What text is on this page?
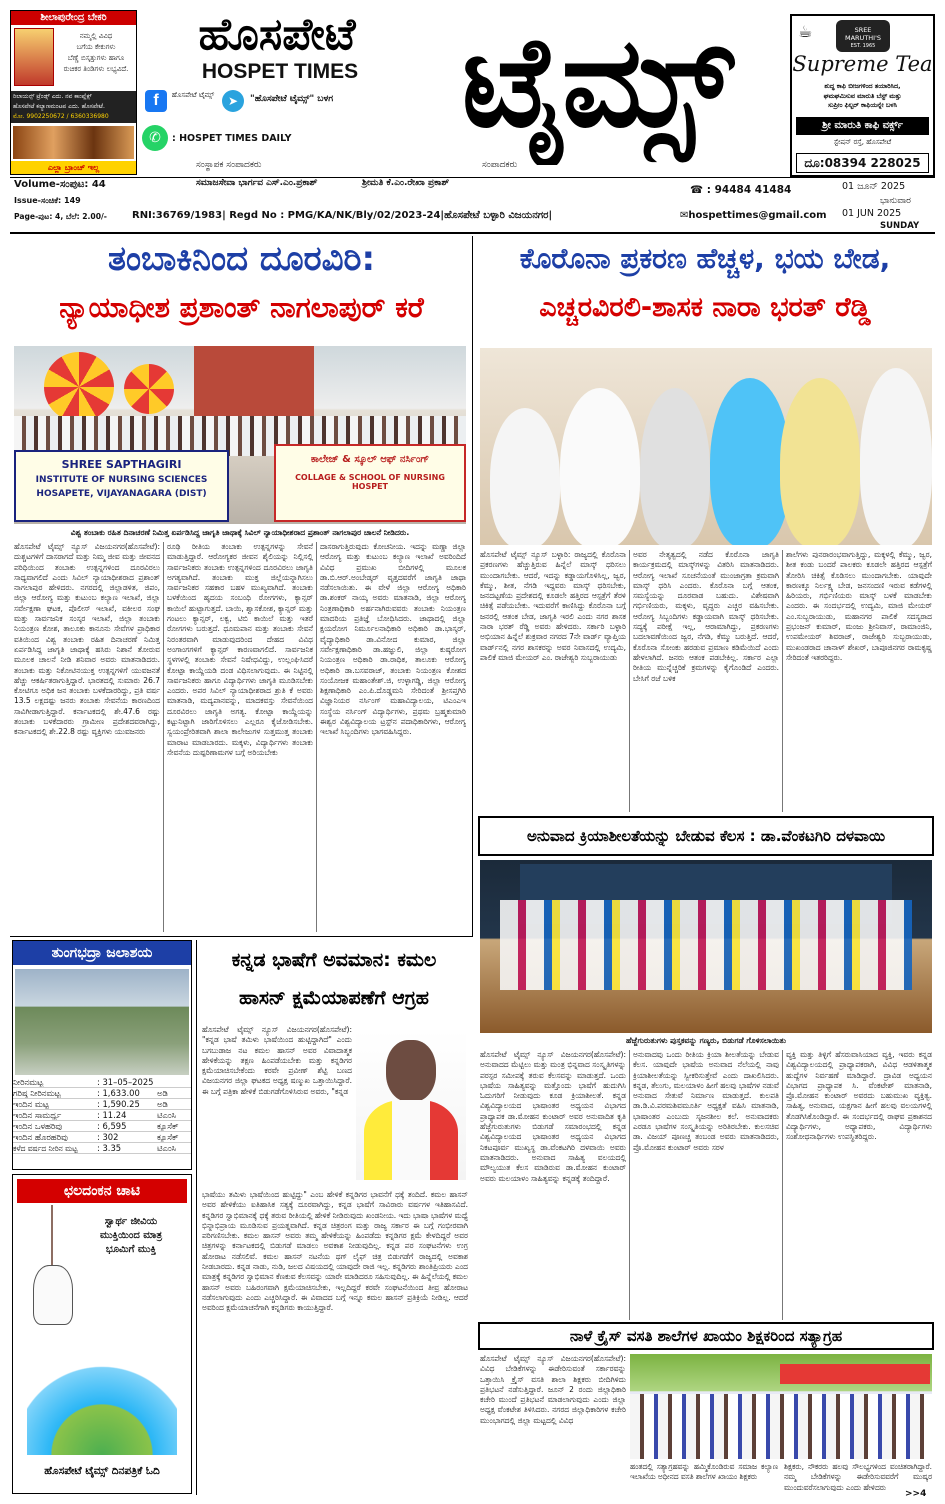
ಶೀಲಾಪುರೇಂದ್ರ ಬೇಕರಿ
ನಮ್ಮಲ್ಲಿ ವಿವಿಧ
ಬಗೆಯ ಕೇಕುಗಳು
ಬೆಣ್ಣೆ ಬಿಸ್ಕತ್ತುಗಳು ಹಾಗೂ
ರುಚಿಕರ ತಿಂಡಿಗಳು ಲಭ್ಯವಿದೆ.
ರಿಲಾಯನ್ಸ್ ಟ್ರೆಂಡ್ಸ್ ಎದು. ನವ ಕಾಂಪ್ಲೆಕ್ಸ್
ಹೊಸಪೇಟೆ ಕಲ್ಯಾಣಮಂಟಪ ಎದು. ಹೊಸಪೇಟೆ.
ಮೋ. 9902250672 / 6360336980
ಎಲ್ಲಾ ಬ್ರಾಂಚ್ ಇಲ್ಲ
ಹೊಸಪೇಟೆ
HOSPET TIMES
f	ಹೊಸಪೇಟೆ ಟೈಮ್ಸ್	➤	"ಹೊಸಪೇಟೆ ಟೈಮ್ಸ್" ಬಳಗ
✆	: HOSPET TIMES DAILY	ಟೈಮ್ಸ್
ಸಂಸ್ಥಾಪಕ ಸಂಪಾದಕರು	ಸಂಪಾದಕರು
ಸಮಾಜಸೇವಾ ಭಾರ್ಗವ ಎಸ್.ಎಂ.ಪ್ರಕಾಶ್	ಶ್ರೀಮತಿ ಕೆ.ಎಂ.ರೇಖಾ ಪ್ರಕಾಶ್
☎ : 94484 41484
SREE MARUTHI'S
EST. 1965
☕
Supreme Tea
ಶುದ್ಧ ಕಾಫಿ ಬೀಜಗಳಿಂದ ತಯಾರಿಸಿದ,
ಘಮಘಮಿಸುವ ಮಾರುತಿ ಬೆಸ್ಟ್ ಮತ್ತು
ಸುಪ್ರೀಂ ಫಿಲ್ಟರ್ ಕಾಫಿಯನ್ನೇ ಬಳಸಿ
ಶ್ರೀ ಮಾರುತಿ ಕಾಫಿ ವರ್ಕ್ಸ್
ಸ್ಟೇಷನ್ ರಸ್ತೆ, ಹೊಸಪೇಟೆ
ದೂ:08394 228025
Volume-ಸಂಪುಟ: 44
Issue-ಸಂಚಿಕೆ: 149
Page-ಪುಟ: 4, ಬೆಲೆ: 2.00/-	RNI:36769/1983| Regd No : PMG/KA/NK/Bly/02/2023-24|ಹೊಸಪೇಟೆ ಬಳ್ಳಾರಿ ವಿಜಯನಗರ|	✉hospettimes@gmail.com
01 ಜೂನ್ 2025
ಭಾನುವಾರ
01 JUN 2025
SUNDAY
ತಂಬಾಕಿನಿಂದ ದೂರವಿರಿ:
ನ್ಯಾಯಾಧೀಶ ಪ್ರಶಾಂತ್ ನಾಗಲಾಪುರ್ ಕರೆ
SHREE SAPTHAGIRI
INSTITUTE OF NURSING SCIENCES
HOSAPETE, VIJAYANAGARA (DIST)
ಕಾಲೇಜ್ & ಸ್ಕೂಲ್ ಆಫ್ ನರ್ಸಿಂಗ್
COLLAGE & SCHOOL OF NURSING HOSPET
ವಿಶ್ವ ತಂಬಾಕು ರಹಿತ ದಿನಾಚರಣೆ ನಿಮಿತ್ತ ಏರ್ಪಡಿಸಿದ್ದ ಜಾಗೃತಿ ಜಾಥಾಕ್ಕೆ ಸಿವಿಲ್ ನ್ಯಾಯಾಧೀಶರಾದ ಪ್ರಶಾಂತ್ ನಾಗಲಾಪುರ ಚಾಲನೆ ನೀಡಿದರು.
ಹೊಸಪೇಟೆ ಟೈಮ್ಸ್ ನ್ಯೂಸ್ ವಿಜಯನಗರ(ಹೊಸಪೇಟೆ): ದುಶ್ಚಟಗಳಿಗೆ ದಾಸರಾಗದೆ ಮತ್ತು ನಿಮ್ಮ ಜೀವ ಮತ್ತು ಜೀವನದ ಪರಿಧಿಯಿಂದ ತಂಬಾಕು ಉತ್ಪನ್ನಗಳಿಂದ ದೂರವಿರಲು ಸಾಧ್ಯವಾಗಲಿದೆ ಎಂದು ಸಿವಿಲ್ ನ್ಯಾಯಾಧೀಶರಾದ ಪ್ರಶಾಂತ್ ನಾಗಲಾಪುರ ಹೇಳಿದರು. ನಗರದಲ್ಲಿ ಜಿಲ್ಲಾಡಳಿತ, ಜಿಪಂ, ಜಿಲ್ಲಾ ಆರೋಗ್ಯ ಮತ್ತು ಕುಟುಂಬ ಕಲ್ಯಾಣ ಇಲಾಖೆ, ಜಿಲ್ಲಾ ಸರ್ವೇಕ್ಷಣಾ ಘಟಕ, ಪೊಲೀಸ್ ಇಲಾಖೆ, ವಕೀಲರ ಸಂಘ ಮತ್ತು ಸಾರ್ವಜನಿಕ ಸಂಸ್ಕರ ಇಲಾಖೆ, ಜಿಲ್ಲಾ ತಂಬಾಕು ನಿಯಂತ್ರಣ ಕೋಶ, ತಾಲೂಕು ಕಾನೂನು ಸೇವೆಗಳ ಪ್ರಾಧಿಕಾರ ವತಿಯಿಂದ ವಿಶ್ವ ತಂಬಾಕು ರಹಿತ ದಿನಾಚರಣೆ ನಿಮಿತ್ತ ಏರ್ಪಡಿಸಿದ್ದ ಜಾಗೃತಿ ಜಾಥಾಕ್ಕೆ ಹಸಿರು ನಿಶಾನೆ ತೋರುವ ಮೂಲಕ ಚಾಲನೆ ನೀಡಿ ಶನಿವಾರ ಅವರು ಮಾತನಾಡಿದರು. ತಂಬಾಕು ಮತ್ತು ನಿಕೋಟಿನಯುಕ್ತ ಉತ್ಪನ್ನಗಳಿಗೆ ಯುವಜನತೆ ಹೆಚ್ಚು ಆಕರ್ಷಿತರಾಗುತ್ತಿದ್ದಾರೆ. ಭಾರತದಲ್ಲಿ ಸುಮಾರು 26.7 ಕೋಟಿಗೂ ಅಧಿಕ ಜನ ತಂಬಾಕು ಬಳಕೆದಾರರಿದ್ದು, ಪ್ರತಿ ವರ್ಷ 13.5 ಲಕ್ಷದಷ್ಟು ಜನರು ತಂಬಾಕು ಸೇವನೆಯ ಕಾರಣದಿಂದ ಸಾವಿಗೀಡಾಗುತ್ತಿದ್ದಾರೆ. ಕರ್ನಾಟಕದಲ್ಲಿ ಶೇ.47.6 ರಷ್ಟು ತಂಬಾಕು ಬಳಕೆದಾರರು ಗ್ರಾಮೀಣ ಪ್ರದೇಶದವರಾಗಿದ್ದು, ಕರ್ನಾಟಕದಲ್ಲಿ ಶೇ.22.8 ರಷ್ಟು ವ್ಯಕ್ತಿಗಳು ಯುವಜನರು
ರೂಢಿ ರೀತಿಯ ತಂಬಾಕು ಉತ್ಪನ್ನಗಳನ್ನು ಸೇವನೆ ಮಾಡುತ್ತಿದ್ದಾರೆ. ಆರೋಗ್ಯಕರ ಜೀವನ ಶೈಲಿಯನ್ನು ನಿಲ್ಲಿಸಲ್ಲಿ ಸಾರ್ವಜನಿಕರು ತಂಬಾಕು ಉತ್ಪನ್ನಗಳಿಂದ ದೂರವಿರಲು ಜಾಗೃತಿ ಅಗತ್ಯವಾಗಿದೆ. ತಂಬಾಕು ಮುಕ್ತ ಜಿಲ್ಲೆಯನ್ನಾಗಿಸಲು ಸಾರ್ವಜನಿಕರ ಸಹಕಾರ ಬಹಳ ಮುಖ್ಯವಾಗಿದೆ. ತಂಬಾಕು ಬಳಕೆಯಿಂದ ಹೃದಯ ಸಂಬಂಧಿ ರೋಗಗಳು, ಕ್ಯಾನ್ಸರ್ ಕಾಯಿಲೆ ಹುಟ್ಟಾಗುತ್ತದೆ. ಬಾಯಿ, ಶ್ವಾಸಕೋಶ, ಕ್ಯಾನ್ಸರ್ ಮತ್ತು ಗಂಟಲು ಕ್ಯಾನ್ಸರ್, ಲಕ್ವ, ಟಿಬಿ ಕಾಯಿಲೆ ಮತ್ತು ಇತರೆ ರೋಗಗಳು ಬರುತ್ತದೆ. ಧೂಮಪಾನ ಮತ್ತು ತಂಬಾಕು ಸೇವನೆ ನಿರಂತರವಾಗಿ ಮಾಡುವುದರಿಂದ ದೇಹದ ವಿವಿಧ ಅಂಗಾಂಗಗಳಿಗೆ ಕ್ಯಾನ್ಸರ್ ಕಾರಣವಾಗಲಿದೆ. ಸಾರ್ವಜನಿಕ ಸ್ಥಳಗಳಲ್ಲಿ ತಂಬಾಕು ಸೇವನೆ ನಿಷೇಧವಿದ್ದು, ಉಲ್ಲಂಘಿಸಿದರೆ ಕೋಟ್ಪಾ ಕಾಯ್ದೆಯಡಿ ದಂಡ ವಿಧಿಸಲಾಗುವುದು. ಈ ನಿಟ್ಟಿನಲ್ಲಿ ಸಾರ್ವಜನಿಕರು ಹಾಗೂ ವಿದ್ಯಾರ್ಥಿಗಳು ಜಾಗೃತಿ ಮೂಡಿಸಬೇಕು ಎಂದರು. ಅಪರ ಸಿವಿಲ್ ನ್ಯಾಯಾಧೀಶರಾದ ಶ್ರುತಿ ಕೆ ಅವರು ಮಾತನಾಡಿ, ಮದ್ಯಪಾನವನ್ನು, ಮಾದಕವಸ್ತು ಸೇವನೆಯಿಂದ ದೂರವಿರಲು ಜಾಗೃತಿ ಅಗತ್ಯ. ಕೋಟ್ಪಾ ಕಾಯ್ದೆಯನ್ನು ಕಟ್ಟುನಿಟ್ಟಾಗಿ ಜಾರಿಗೊಳಿಸಲು ಎಲ್ಲರೂ ಕೈಜೋಡಿಸಬೇಕು. ಸ್ವಯಂಪ್ರೇರಿತವಾಗಿ ಶಾಲಾ ಕಾಲೇಜುಗಳ ಸುತ್ತಮುತ್ತ ತಂಬಾಕು ಮಾರಾಟ ಮಾಡಬಾರದು. ಮಕ್ಕಳು, ವಿದ್ಯಾರ್ಥಿಗಳು ತಂಬಾಕು ಸೇವನೆಯ ದುಷ್ಪರಿಣಾಮಗಳ ಬಗ್ಗೆ ಅರಿಯಬೇಕು
ದಾಸರಾಗುತ್ತಿರುವುದು ಕೋಚನೀಯ. ಇದನ್ನು ಮಣ್ಣಾ ಜಿಲ್ಲಾ ಆರೋಗ್ಯ ಮತ್ತು ಕುಟುಂಬ ಕಲ್ಯಾಣ ಇಲಾಖೆ ಅವರಿಂದಿದೆ ವಿವಿಧ ಪ್ರಮುಖ ಬೀದಿಗಳಲ್ಲಿ ಮೂಲಕ ಡಾ.ಬಿ.ಆರ್.ಅಂಬೇಡ್ಕರ್ ವೃತ್ತದವರೆಗೆ ಜಾಗೃತಿ ಜಾಥಾ ನಡೆಸಲಾಯಿತು. ಈ ವೇಳೆ ಜಿಲ್ಲಾ ಆರೋಗ್ಯ ಅಧಿಕಾರಿ ಡಾ.ಶಂಕರ್ ನಾಯ್ಕ ಅವರು ಮಾತನಾಡಿ, ಜಿಲ್ಲಾ ಆರೋಗ್ಯ ನಿಂತ್ರಣಾಧಿಕಾರಿ ಅರ್ಹನಾಗಿರುವವರು ತಂಬಾಕು ನಿಯಂತ್ರಣ ಮಾದರಿಯ ಪ್ರತಿಜ್ಞೆ ಬೋಧಿಸಿದರು. ಜಾಥಾದಲ್ಲಿ ಜಿಲ್ಲಾ ಕ್ಷಯರೋಗ ನಿರ್ಮೂಲನಾಧಿಕಾರಿ ಅಧಿಕಾರಿ ಡಾ.ಭಾಸ್ಕರ್, ವೈದ್ಯಾಧಿಕಾರಿ ಡಾ.ವಿನೋದ ಕುಮಾರ, ಜಿಲ್ಲಾ ಸರ್ವೇಕ್ಷಣಾಧಿಕಾರಿ ಡಾ.ಹಜ್ಞುಲಿ, ಜಿಲ್ಲಾ ಕುಷ್ಠರೋಗ ನಿಯಂತ್ರಣ ಅಧಿಕಾರಿ ಡಾ.ರಾಧಿಕ, ತಾಲೂಕು ಆರೋಗ್ಯ ಅಧಿಕಾರಿ ಡಾ.ಬಸವರಾಜ್, ತಂಬಾಕು ನಿಯಂತ್ರಣ ಕೋಶದ ಸಂಯೋಜಕ ಮಹಾಂತೇಶ್.ಜಿ, ಉಳ್ಳಾಗಡ್ಡಿ, ಜಿಲ್ಲಾ ಆರೋಗ್ಯ ಶಿಕ್ಷಣಾಧಿಕಾರಿ ಎಂ.ಪಿ.ದೊಡ್ಡಮನಿ ಸೇರಿದಂತೆ ಶ್ರೀಸಪ್ತಗಿರಿ ವಿಜ್ಞಾನಿಯರ ನರ್ಸಿಂಗ್ ಮಹಾವಿದ್ಯಾಲಯ, ಟಿಎಂಎಇ ಸಂಸ್ಥೆಯ ನರ್ಸಿಂಗ್ ವಿದ್ಯಾರ್ಥಿಗಳು, ಪ್ರಥಮ ಬ್ರಹ್ಮಕುಮಾರಿ ಈಶ್ವರ ವಿಶ್ವವಿದ್ಯಾಲಯ ಟ್ರಸ್ಟ್‌ನ ಪದಾಧಿಕಾರಿಗಳು, ಆರೋಗ್ಯ ಇಲಾಖೆ ಸಿಬ್ಬಂದಿಗಳು ಭಾಗವಹಿಸಿದ್ದರು.
ಕೊರೊನಾ ಪ್ರಕರಣ ಹೆಚ್ಚಳ, ಭಯ ಬೇಡ,
ಎಚ್ಚರವಿರಲಿ-ಶಾಸಕ ನಾರಾ ಭರತ್ ರೆಡ್ಡಿ
ಹೊಸಪೇಟೆ ಟೈಮ್ಸ್ ನ್ಯೂಸ್ ಬಳ್ಳಾರಿ: ರಾಜ್ಯದಲ್ಲಿ ಕೊರೊನಾ ಪ್ರಕರಣಗಳು ಹೆಚ್ಚುತ್ತಿರುವ ಹಿನ್ನೆಲೆ ಮಾಸ್ಕ್ ಧರಿಸಲು ಮುಂದಾಗಬೇಕು. ಆದರೆ, ಇದನ್ನು ಕಡ್ಡಾಯಗೊಳಿಸಿಲ್ಲ, ಜ್ವರ, ಕೆಮ್ಮು, ಶೀತ, ನೆಗಡಿ ಇದ್ದವರು ಮಾಸ್ಕ್ ಧರಿಸಬೇಕು, ಜನದಟ್ಟಣೆಯ ಪ್ರದೇಶದಲ್ಲಿ ಕೂಡಲೇ ಹತ್ತಿರದ ಆಸ್ಪತ್ರೆಗೆ ತೆರಳಿ ಚಿಕಿತ್ಸೆ ಪಡೆಯಬೇಕು. ಇದುವರೆಗೆ ಕಾಣಿಸಿದ್ದು ಕೊರೊನಾ ಬಗ್ಗೆ ಜನರಲ್ಲಿ ಆತಂಕ ಬೇಡ, ಜಾಗೃತಿ ಇರಲಿ ಎಂದು ನಗರ ಶಾಸಕ ನಾರಾ ಭರತ್ ರೆಡ್ಡಿ ಅವರು ಹೇಳಿದರು. ಸರ್ಕಾರಿ ಬಳ್ಳಾರಿ ಅಭಿಯಾನ ಹಿನ್ನೆಲೆ ಶುಕ್ರವಾರ ನಗರದ 7ನೇ ವಾರ್ಡ್ ವ್ಯಾಪ್ತಿಯ ವಾರ್ಡ್‌ನಲ್ಲಿ ನಗರ ಶಾಸಕರನ್ನು ಅವರ ನಿವಾಸದಲ್ಲಿ ಉದ್ಯಮಿ, ಪಾಲಿಕೆ ಮಾಜಿ ಮೇಯರ್ ಎಂ. ರಾಜೇಶ್ವರಿ ಸುಬ್ಬರಾಯುಡು
ಅವರ ನೇತೃತ್ವದಲ್ಲಿ ನಡೆದ ಕೊರೊನಾ ಜಾಗೃತಿ ಕಾರ್ಯಕ್ರಮದಲ್ಲಿ ಮಾಸ್ಕ್‌ಗಳನ್ನು ವಿತರಿಸಿ ಮಾತನಾಡಿದರು. ಆರೋಗ್ಯ ಇಲಾಖೆ ಸೂಚನೆಯಂತೆ ಮುಂಜಾಗ್ರತಾ ಕ್ರಮವಾಗಿ ಮಾಸ್ಕ್ ಧರಿಸಿ ಎಂದರು. ಕೊರೊನಾ ಬಗ್ಗೆ ಆತಂಕ, ಸಮಸ್ಯೆಯನ್ನು ದೂರವಾಡ ಬಹುದು. ವಿಶೇಷವಾಗಿ ಗರ್ಭಿಣಿಯರು, ಮಕ್ಕಳು, ವೃದ್ಧರು ಎಚ್ಚರ ವಹಿಸಬೇಕು. ಆರೋಗ್ಯ ಸಿಬ್ಬಂದಿಗಳು ಕಡ್ಡಾಯವಾಗಿ ಮಾಸ್ಕ್ ಧರಿಸಬೇಕು. ಸದ್ಯಕ್ಕೆ ಪರೀಕ್ಷೆ ಇಲ್ಲ, ಆರಾಮಾಗಿದ್ದು, ಪ್ರಕರಣಗಳು ಬದಲಾವಣೆಯಿಂದ ಜ್ವರ, ನೆಗಡಿ, ಕೆಮ್ಮು ಬರುತ್ತಿದೆ. ಆದರೆ, ಕೊರೊನಾ ಸೋಂಕು ಹರಡುವ ಪ್ರಮಾಣ ಕಡಿಮೆಯಿದೆ ಎಂದು ಹೇಳಲಾಗಿದೆ. ಜನರು ಆತಂಕ ಪಡಬೇಕಿಲ್ಲ. ಸರ್ಕಾರ ಎಲ್ಲಾ ರೀತಿಯ ಮುನ್ನೆಚ್ಚರಿಕೆ ಕ್ರಮಗಳನ್ನು ಕೈಗೊಂಡಿದೆ ಎಂದರು. ಬೇಸಿಗೆ ರಜೆ ಬಳಿಕ
ಶಾಲೆಗಳು ಪುನರಾರಂಭವಾಗುತ್ತಿದ್ದು, ಮಕ್ಕಳಲ್ಲಿ ಕೆಮ್ಮು, ಜ್ವರ, ಶೀತ ಕಂಡು ಬಂದರೆ ಪಾಲಕರು ಕೂಡಲೇ ಹತ್ತಿರದ ಆಸ್ಪತ್ರೆಗೆ ತೋರಿಸಿ ಚಿಕಿತ್ಸೆ ಕೊಡಿಸಲು ಮುಂದಾಗಬೇಕು. ಯಾವುದೇ ಕಾರಣಕ್ಕೂ ನಿರ್ಲಕ್ಷ್ಯ ಬೇಡ, ಜನಸಂದಣಿ ಇರುವ ಕಡೆಗಳಲ್ಲಿ ಹಿರಿಯರು, ಗರ್ಭಿಣಿಯರು ಮಾಸ್ಕ್ ಬಳಕೆ ಮಾಡಬೇಕು ಎಂದರು. ಈ ಸಂದರ್ಭದಲ್ಲಿ ಉದ್ಯಮಿ, ಮಾಜಿ ಮೇಯರ್ ಎಂ.ಸುಬ್ಬರಾಯುಡು, ಮಹಾನಗರ ಪಾಲಿಕೆ ಸದಸ್ಯರಾದ ಪ್ರಭಂಜನ್ ಕುಮಾರ್, ಮಂಜು ಶ್ರೀನಿವಾಸ್, ರಾಮಾಂಜಿನಿ, ಉಪಮೇಯರ್ ಶಿವರಾಜ್, ರಾಜೇಶ್ವರಿ ಸುಬ್ಬರಾಯುಡು, ಮುಖಂಡರಾದ ಚಾನಾಳ್ ಶೇಖರ್, ಬಾಪೂಜಿನಗರ ರಾಮಕೃಷ್ಣ ಸೇರಿದಂತೆ ಇತರರಿದ್ದರು.
ಅನುವಾದ ಕ್ರಿಯಾಶೀಲತೆಯನ್ನು ಬೇಡುವ ಕೆಲಸ : ಡಾ.ವೆಂಕಟಗಿರಿ ದಳವಾಯಿ
ಹೆಜ್ಜೆಗುರುತುಗಳು ಪುಸ್ತಕವನ್ನು ಗಣ್ಯರು, ಬಿಡುಗಡೆ ಗೊಳಿಸಲಾಯಿತು
ಹೊಸಪೇಟೆ ಟೈಮ್ಸ್ ನ್ಯೂಸ್ ವಿಜಯನಗರ(ಹೊಸಪೇಟೆ): ಅನುವಾದದ ಮೆಟ್ಟಿಲು ಮತ್ತು ಮಂತ್ರ ಭಿನ್ನವಾದ ಸಂಸ್ಕೃತಿಗಳನ್ನು ಪರಸ್ಪರ ಸಮೀಪಕ್ಕೆ ತರುವ ಕೆಲಸವನ್ನು ಮಾಡುತ್ತದೆ. ಒಂದು ಭಾಷೆಯ ಸಾಹಿತ್ಯವನ್ನು ಮತ್ತೊಂದು ಭಾಷೆಗೆ ಹುದುಗಿಸಿ ಓದುಗರಿಗೆ ನೀಡುವುದು ಕೂಡ ಕ್ರಿಯಾಶೀಲತೆ. ಕನ್ನಡ ವಿಶ್ವವಿದ್ಯಾಲಯದ ಭಾಷಾಂತರ ಅಧ್ಯಯನ ವಿಭಾಗದ ಪ್ರಾಧ್ಯಾಪಕ ಡಾ.ಮೋಹನ ಕುಂಟಾರ್ ಅವರ ಅನುವಾದಿತ ಕೃತಿ ಹೆಜ್ಜೆಗುರುತುಗಳು ಬಿಡುಗಡೆ ಸಮಾರಂಭದಲ್ಲಿ ಕನ್ನಡ ವಿಶ್ವವಿದ್ಯಾಲಯದ ಭಾಷಾಂತರ ಅಧ್ಯಯನ ವಿಭಾಗದ ನಿಕಟಪೂರ್ವ ಮುಖ್ಯಸ್ಥ ಡಾ.ವೆಂಕಟಗಿರಿ ದಳವಾಯಿ ಅವರು ಮಾತನಾಡಿದರು. ಅನುವಾದ ಸಾಹಿತ್ಯ ವಲಯದಲ್ಲಿ ಮೌಲ್ಯಯುತ ಕೆಲಸ ಮಾಡಿರುವ ಡಾ.ಮೋಹನ ಕುಂಟಾರ್ ಅವರು ಮಲಯಾಳಂ ಸಾಹಿತ್ಯವನ್ನು ಕನ್ನಡಕ್ಕೆ ತಂದಿದ್ದಾರೆ.
ಅನುವಾದವು ಒಂದು ರೀತಿಯ ಕ್ರಿಯಾ ಶೀಲತೆಯನ್ನು ಬೇಡುವ ಕೆಲಸ. ಯಾವುದೇ ಭಾಷೆಯ ಅನುವಾದ ನೆಲೆಯಲ್ಲಿ ನಾವು ಕ್ರಿಯಾಶೀಲತೆಯನ್ನು ಸ್ವೀಕರಿಸುತ್ತೇವೆ ಎಂದು ದಾಖಲಿಸಿದರು. ಕನ್ನಡ, ತೆಲುಗು, ಮಲಯಾಳಂ ಹೀಗೆ ಹಲವು ಭಾಷೆಗಳ ನಡುವೆ ಅನುವಾದ ಸೇತುವೆ ನಿರ್ಮಾಣ ಮಾಡುತ್ತದೆ. ಕುಲಪತಿ ಡಾ.ಡಿ.ವಿ.ಪರಮಶಿವಮೂರ್ತಿ ಅಧ್ಯಕ್ಷತೆ ವಹಿಸಿ ಮಾತನಾಡಿ, ಭಾಷಾಂತರ ಎಂಬುದು ಸೃಜನಶೀಲ ಕಲೆ. ಅನುವಾದಕರು ಎರಡೂ ಭಾಷೆಗಳ ಸಂಸ್ಕೃತಿಯನ್ನು ಅರಿತಿರಬೇಕು. ಕುಲಸಚಿವ ಡಾ. ವಿಜಯ್ ಪೂಣಚ್ಚ ತಂಬಂಡ ಅವರು ಮಾತನಾಡಿದರು, ಪ್ರೊ.ಮೋಹನ ಕುಂಟಾರ್ ಅವರು ಸರಳ
ವ್ಯಕ್ತಿ ಮತ್ತು ತಿಳ್ಳಿಗೆ ಹೆಸರುವಾಸಿಯಾದ ವ್ಯಕ್ತಿ, ಇವರು ಕನ್ನಡ ವಿಶ್ವವಿದ್ಯಾಲಯದಲ್ಲಿ ಪ್ರಾಧ್ಯಾಪಕರಾಗಿ, ವಿವಿಧ ಆಡಳಿತಾತ್ಮಕ ಹುದ್ದೆಗಳ ನಿರ್ವಹಣೆ ಮಾಡಿದ್ದಾರೆ. ದ್ರಾವಿಡ ಅಧ್ಯಯನ ವಿಭಾಗದ ಪ್ರಾಧ್ಯಾಪಕ ಸಿ. ವೆಂಕಟೇಶ್ ಮಾತನಾಡಿ, ಪ್ರೊ.ಮೋಹನ ಕುಂಟಾರ್ ಅವರದು ಬಹುಮುಖ ವ್ಯಕ್ತಿತ್ವ. ಸಾಹಿತ್ಯ, ಅನುವಾದ, ಯಕ್ಷಗಾನ ಹೀಗೆ ಹಲವು ವಲಯಗಳಲ್ಲಿ ತೊಡಗಿಸಿಕೊಂಡಿದ್ದಾರೆ. ಈ ಸಂದರ್ಭದಲ್ಲಿ ರಾಘವ ಪ್ರಕಾಶನದ ವಿದ್ಯಾರ್ಥಿಗಳು, ಅಧ್ಯಾಪಕರು, ವಿದ್ಯಾರ್ಥಿಗಳು ಸಂಶೋಧನಾರ್ಥಿಗಳು ಉಪಸ್ಥಿತರಿದ್ದರು.
ತುಂಗಭದ್ರಾ ಜಲಾಶಯ
ನೀರಿನಮಟ್ಟ	: 31–05–2025
ಗರಿಷ್ಠ ನೀರಿನಮಟ್ಟ	: 1,633.00	ಅಡಿ
ಇಂದಿನ ಮಟ್ಟ	: 1,590.25	ಅಡಿ
ಇಂದಿನ ಸಾಮರ್ಥ್ಯ	: 11.24	ಟಿಎಂಸಿ
ಇಂದಿನ ಒಳಹರಿವು	: 6,595	ಕ್ಯೂಸೆಕ್
ಇಂದಿನ ಹೊರಹರಿವು	: 302	ಕ್ಯೂಸೆಕ್
ಕಳೆದ ವರ್ಷದ ನೀರಿನ ಮಟ್ಟ	: 3.35	ಟಿಎಂಸಿ
ಛಲದಂಕನ ಚಾಟಿ
ಸ್ವಾರ್ಥ ಜೀವಿಯ
ಮುಕ್ತಿಯಿಂದ ಮಾತ್ರ
ಭೂಮಿಗೆ ಮುಕ್ತಿ
ಹೊಸಪೇಟೆ ಟೈಮ್ಸ್ ದಿನಪತ್ರಿಕೆ ಓದಿ
ಕನ್ನಡ ಭಾಷೆಗೆ ಅವಮಾನ: ಕಮಲ
ಹಾಸನ್ ಕ್ಷಮೆಯಾಪಣೆಗೆ ಆಗ್ರಹ
ಹೊಸಪೇಟೆ ಟೈಮ್ಸ್ ನ್ಯೂಸ್ ವಿಜಯನಗರ(ಹೊಸಪೇಟೆ): "ಕನ್ನಡ ಭಾಷೆ ತಮಿಳು ಭಾಷೆಯಿಂದ ಹುಟ್ಟಿದ್ದಾಗಿದೆ" ಎಂದು ಬಗಬುಡಾಜ ನಟ ಕಮಲ ಹಾಸನ್ ಅವರ ವಿವಾದಾತ್ಮಕ ಹೇಳಿಕೆಯನ್ನು ತಕ್ಷಣ ಹಿಂಪಡೆಯಬೇಕು ಮತ್ತು ಕನ್ನಡಿಗರ ಕ್ಷಮೆಯಾಚಿಸಬೇಕೆಂದು ಕರವೇ ಪ್ರವೀಣ್ ಶೆಟ್ಟಿ ಬಣದ ವಿಜಯನಗರ ಜಿಲ್ಲಾ ಘಟಕದ ಅಧ್ಯಕ್ಷ ಷಣ್ಮುಖ ಒತ್ತಾಯಿಸಿದ್ದಾರೆ. ಈ ಬಗ್ಗೆ ಪತ್ರಿಕಾ ಹೇಳಿಕೆ ಬಿಡುಗಡೆಗೊಳಿಸಿರುವ ಅವರು, "ಕನ್ನಡ
ಭಾಷೆಯು ತಮಿಳು ಭಾಷೆಯಿಂದ ಹುಟ್ಟಿದ್ದು" ಎಂಬ ಹೇಳಿಕೆ ಕನ್ನಡಿಗರ ಭಾವನೆಗೆ ಧಕ್ಕೆ ತಂದಿದೆ. ಕಮಲ ಹಾಸನ್ ಅವರ ಹೇಳಿಕೆಯು ಐತಿಹಾಸಿಕ ಸತ್ಯಕ್ಕೆ ದೂರವಾಗಿದ್ದು, ಕನ್ನಡ ಭಾಷೆಗೆ ಸಾವಿರಾರು ವರ್ಷಗಳ ಇತಿಹಾಸವಿದೆ. ಕನ್ನಡಿಗರ ಸ್ವಾಭಿಮಾನಕ್ಕೆ ಧಕ್ಕೆ ತರುವ ರೀತಿಯಲ್ಲಿ ಹೇಳಿಕೆ ನೀಡಿರುವುದು ಖಂಡನೀಯ. ಇದು ಭಾಷಾ ಭಾಷೆಗಳ ಮಧ್ಯೆ ಭಿನ್ನಾಭಿಪ್ರಾಯ ಮೂಡಿಸುವ ಪ್ರಯತ್ನವಾಗಿದೆ. ಕನ್ನಡ ಚಿತ್ರರಂಗ ಮತ್ತು ರಾಜ್ಯ ಸರ್ಕಾರ ಈ ಬಗ್ಗೆ ಗಂಭೀರವಾಗಿ ಪರಿಗಣಿಸಬೇಕು. ಕಮಲ ಹಾಸನ್ ಅವರು ತಮ್ಮ ಹೇಳಿಕೆಯನ್ನು ಹಿಂಪಡೆದು ಕನ್ನಡಿಗರ ಕ್ಷಮೆ ಕೇಳದಿದ್ದರೆ ಅವರ ಚಿತ್ರಗಳನ್ನು ಕರ್ನಾಟಕದಲ್ಲಿ ಬಿಡುಗಡೆ ಮಾಡಲು ಅವಕಾಶ ನೀಡುವುದಿಲ್ಲ. ಕನ್ನಡ ಪರ ಸಂಘಟನೆಗಳು ಉಗ್ರ ಹೋರಾಟ ನಡೆಸಲಿವೆ. ಕಮಲ ಹಾಸನ್ ನಟನೆಯ ಥಗ್ ಲೈಫ್ ಚಿತ್ರ ಬಿಡುಗಡೆಗೆ ರಾಜ್ಯದಲ್ಲಿ ಅವಕಾಶ ನೀಡಬಾರದು. ಕನ್ನಡ ನಾಡು, ನುಡಿ, ಜಲದ ವಿಷಯದಲ್ಲಿ ಯಾವುದೇ ರಾಜಿ ಇಲ್ಲ. ಕನ್ನಡಿಗರು ಶಾಂತಿಪ್ರಿಯರು ಎಂದ ಮಾತ್ರಕ್ಕೆ ಕನ್ನಡಿಗರ ಸ್ವಾಭಿಮಾನ ಕೆಣಕುವ ಕೆಲಸವನ್ನು ಯಾರೇ ಮಾಡಿದರೂ ಸಹಿಸುವುದಿಲ್ಲ. ಈ ಹಿನ್ನೆಲೆಯಲ್ಲಿ ಕಮಲ ಹಾಸನ್ ಅವರು ಬಹಿರಂಗವಾಗಿ ಕ್ಷಮೆಯಾಚಿಸಬೇಕು, ಇಲ್ಲದಿದ್ದರೆ ಕರವೇ ಸಂಘಟನೆಯಿಂದ ತೀವ್ರ ಹೋರಾಟ ನಡೆಸಲಾಗುವುದು ಎಂದು ಎಚ್ಚರಿಸಿದ್ದಾರೆ. ಈ ವಿವಾದದ ಬಗ್ಗೆ ಇನ್ನೂ ಕಮಲ ಹಾಸನ್ ಪ್ರತಿಕ್ರಿಯೆ ನೀಡಿಲ್ಲ. ಆದರೆ ಅವರಿಂದ ಕ್ಷಮೆಯಾಚನೆಗಾಗಿ ಕನ್ನಡಿಗರು ಕಾಯುತ್ತಿದ್ದಾರೆ.
ನಾಳೆ ಕ್ರೈಸ್ ವಸತಿ ಶಾಲೆಗಳ ಖಾಯಂ ಶಿಕ್ಷಕರಿಂದ ಸತ್ಯಾಗ್ರಹ
ಹೊಸಪೇಟೆ ಟೈಮ್ಸ್ ನ್ಯೂಸ್ ವಿಜಯನಗರ(ಹೊಸಪೇಟೆ): ವಿವಿಧ ಬೇಡಿಕೆಗಳನ್ನು ಈಡೇರಿಸುವಂತೆ ಸರ್ಕಾರವನ್ನು ಒತ್ತಾಯಿಸಿ ಕ್ರೈಸ್ ವಸತಿ ಶಾಲಾ ಶಿಕ್ಷಕರು ಬೀದಿಗಿಳಿದು ಪ್ರತಿಭಟನೆ ನಡೆಸುತ್ತಿದ್ದಾರೆ. ಜೂನ್ 2 ರಂದು ಜಿಲ್ಲಾಧಿಕಾರಿ ಕಚೇರಿ ಮುಂದೆ ಪ್ರತಿಭಟನೆ ಮಾಡಲಾಗುವುದು ಎಂದು ಜಿಲ್ಲಾ ಅಧ್ಯಕ್ಷ ವೆಂಕಟೇಶ ತಿಳಿಸಿದರು. ನಗರದ ಜಿಲ್ಲಾಧಿಕಾರಿಗಳ ಕಚೇರಿ ಮುಂಭಾಗದಲ್ಲಿ ಜಿಲ್ಲಾ ಮಟ್ಟದಲ್ಲಿ ವಿವಿಧ
ಹಂತದಲ್ಲಿ ಸತ್ಯಾಗ್ರಹವನ್ನು ಹಮ್ಮಿಕೊಂಡಿರುವ ಸಮಾಜ ಕಲ್ಯಾಣ ಇಲಾಖೆಯ ಅಧೀನದ ವಸತಿ ಶಾಲೆಗಳ ಖಾಯಂ ಶಿಕ್ಷಕರು
ಶಿಕ್ಷಕರು, ನೌಕರರು ಹಲವು ಸೌಲಭ್ಯಗಳಿಂದ ವಂಚಿತರಾಗಿದ್ದಾರೆ. ನಮ್ಮ ಬೇಡಿಕೆಗಳನ್ನು ಈಡೇರಿಸುವವರೆಗೆ ಮುಷ್ಕರ ಮುಂದುವರೆಸಲಾಗುವುದು ಎಂದು ಹೇಳಿದರು
>>4
